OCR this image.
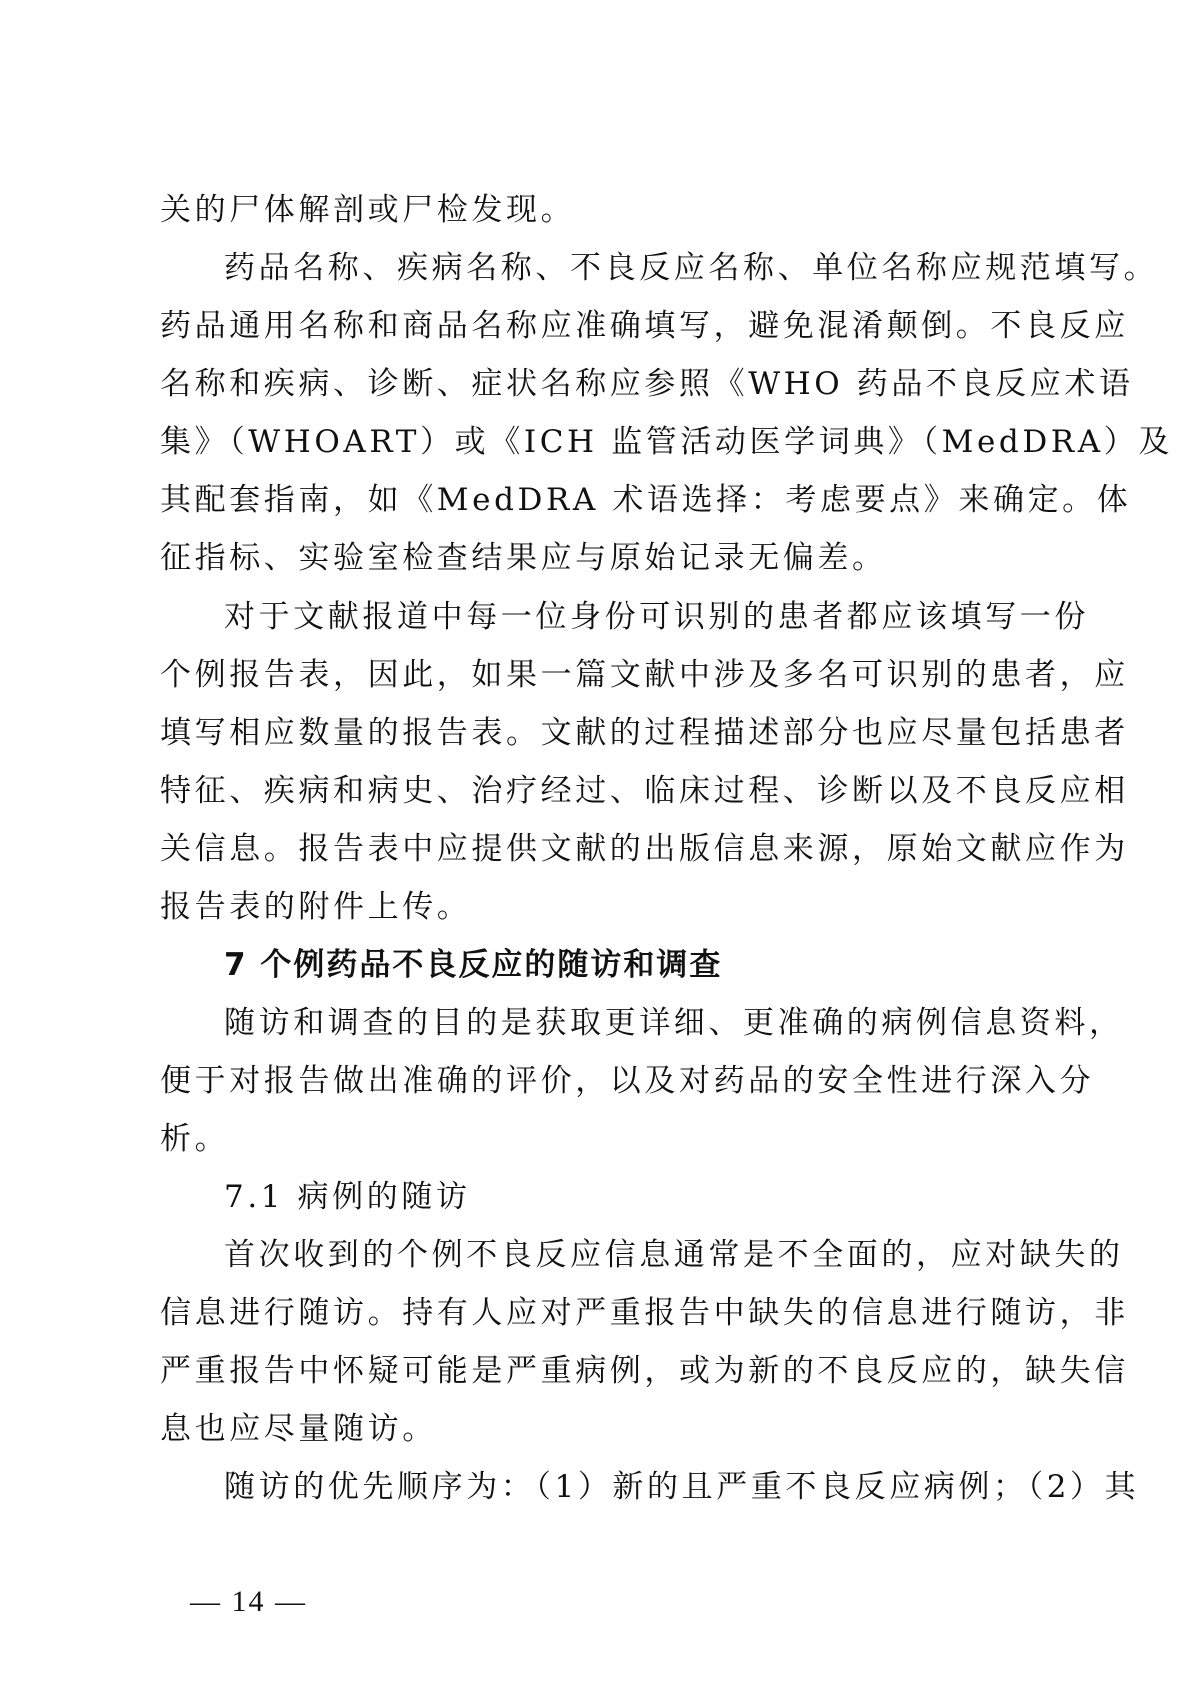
关的尸体解剖或尸检发现。
药品名称、疾病名称、不良反应名称、单位名称应规范填写。
药品通用名称和商品名称应准确填写，避免混淆颠倒。不良反应
名称和疾病、诊断、症状名称应参照《WHO 药品不良反应术语
集》（WHOART）或《ICH 监管活动医学词典》（MedDRA）及
其配套指南，如《MedDRA 术语选择：考虑要点》来确定。体
征指标、实验室检查结果应与原始记录无偏差。
对于文献报道中每一位身份可识别的患者都应该填写一份
个例报告表，因此，如果一篇文献中涉及多名可识别的患者，应
填写相应数量的报告表。文献的过程描述部分也应尽量包括患者
特征、疾病和病史、治疗经过、临床过程、诊断以及不良反应相
关信息。报告表中应提供文献的出版信息来源，原始文献应作为
报告表的附件上传。
7 个例药品不良反应的随访和调查
随访和调查的目的是获取更详细、更准确的病例信息资料，
便于对报告做出准确的评价，以及对药品的安全性进行深入分
析。
7.1 病例的随访
首次收到的个例不良反应信息通常是不全面的，应对缺失的
信息进行随访。持有人应对严重报告中缺失的信息进行随访，非
严重报告中怀疑可能是严重病例，或为新的不良反应的，缺失信
息也应尽量随访。
随访的优先顺序为：（1）新的且严重不良反应病例；（2）其
— 14 —
